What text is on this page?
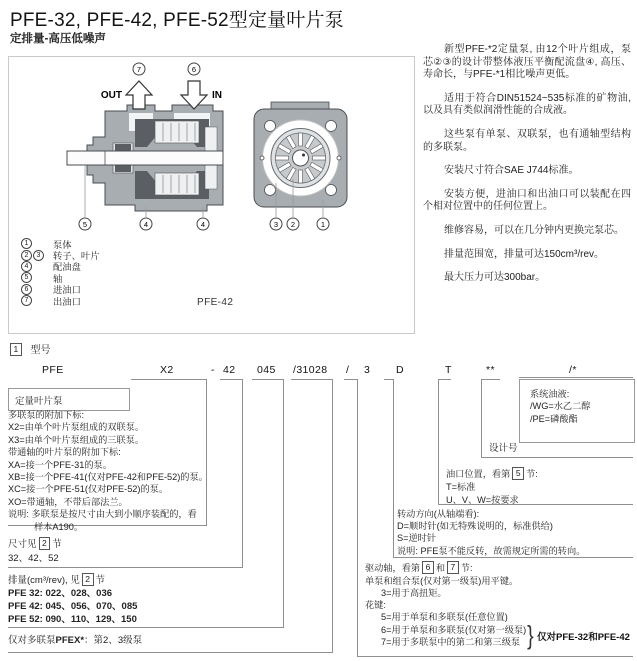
PFE-32, PFE-42, PFE-52型定量叶片泵
定排量-高压低噪声
5	4	4
OUT	IN
7	6
3 2	1
1	泵体
2	3	转子、叶片
4	配油盘
5	轴
6	进油口
7	出油口	PFE-42

新型PFE-*2定量泵, 由12个叶片组成，泵芯②③的设计带整体液压平衡配流盘④, 高压、寿命长，与PFE-*1相比噪声更低。

适用于符合DIN51524~535标准的矿物油,以及具有类似润滑性能的合成液。

这些泵有单泵、双联泵，也有通轴型结构的多联泵。

安装尺寸符合SAE J744标准。

安装方便，进油口和出油口可以装配在四个相对位置中的任何位置上。

维修容易，可以在几分钟内更换完泵芯。

排量范围宽，排量可达150cm³/rev。

最大压力可达300bar。

1 型号
PFE	X2	- 42 045 /31028 / 3 D	T	**	/*
定量叶片泵
多联泵的附加下标:
X2=由单个叶片泵组成的双联泵。
X3=由单个叶片泵组成的三联泵。
带通轴的叶片泵的附加下标:
XA=接一个PFE-31的泵。
XB=接一个PFE-41(仅对PFE-42和PFE-52)的泵。
XC=接一个PFE-51(仅对PFE-52)的泵。
XO=带通轴，不带后部法兰。
说明: 多联泵是按尺寸由大到小顺序装配的，看
样本A190。
尺寸见 2 节
32、42、52
排量(cm³/rev), 见 2 节
PFE 32: 022、028、036
PFE 42: 045、056、070、085
PFE 52: 090、110、129、150
仅对多联泵PFEX*：第2、3级泵
驱动轴，看第 6 和 7 节:
单泵和组合泵(仅对第一级泵)用平键。
3=用于高扭矩。
花键:
5=用于单泵和多联泵(任意位置)
6=用于单泵和多联泵(仅对第一级泵)
7=用于多联泵中的第二和第三级泵 } 仅对PFE-32和PFE-42
转动方向(从轴端看):
D=顺时针(如无特殊说明的，标准供给)
S=逆时针
说明: PFE泵不能反转，故需规定所需的转向。
油口位置，看第 5 节:
T=标准
U、V、W=按要求
设计号
系统油液:
/WG=水乙二醇
/PE=磷酸酯
